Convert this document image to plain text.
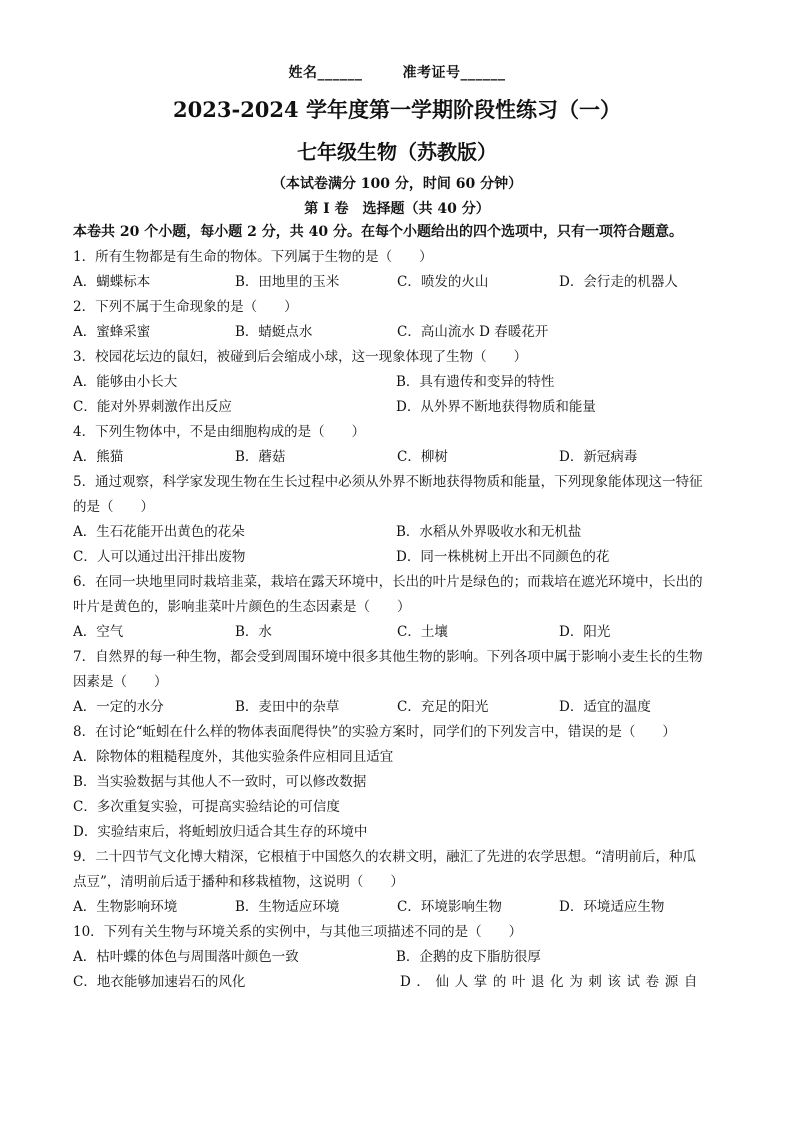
姓名______	准考证号______
2023-2024 学年度第一学期阶段性练习（一）
七年级生物（苏教版）
（本试卷满分 100 分，时间 60 分钟）
第 I 卷　选择题（共 40 分）
本卷共 20 个小题，每小题 2 分，共 40 分。在每个小题给出的四个选项中，只有一项符合题意。
1．所有生物都是有生命的物体。下列属于生物的是（　　）
A．蝴蝶标本	B．田地里的玉米	C．喷发的火山	D．会行走的机器人
2．下列不属于生命现象的是（　　）
A．蜜蜂采蜜	B．蜻蜓点水	C．高山流水 D 春暖花开
3．校园花坛边的鼠妇，被碰到后会缩成小球，这一现象体现了生物（　　）
A．能够由小长大	B．具有遗传和变异的特性
C．能对外界刺激作出反应	D．从外界不断地获得物质和能量
4．下列生物体中，不是由细胞构成的是（　　）
A．熊猫	B．蘑菇	C．柳树	D．新冠病毒
5．通过观察，科学家发现生物在生长过程中必须从外界不断地获得物质和能量，下列现象能体现这一特征
的是（　　）
A．生石花能开出黄色的花朵	B．水稻从外界吸收水和无机盐
C．人可以通过出汗排出废物	D．同一株桃树上开出不同颜色的花
6．在同一块地里同时栽培韭菜，栽培在露天环境中，长出的叶片是绿色的；而栽培在遮光环境中，长出的
叶片是黄色的，影响韭菜叶片颜色的生态因素是（　　）
A．空气	B．水	C．土壤	D．阳光
7．自然界的每一种生物，都会受到周围环境中很多其他生物的影响。下列各项中属于影响小麦生长的生物
因素是（　　）
A．一定的水分	B．麦田中的杂草	C．充足的阳光	D．适宜的温度
8．在讨论“蚯蚓在什么样的物体表面爬得快”的实验方案时，同学们的下列发言中，错误的是（　　）
A．除物体的粗糙程度外，其他实验条件应相同且适宜
B．当实验数据与其他人不一致时，可以修改数据
C．多次重复实验，可提高实验结论的可信度
D．实验结束后，将蚯蚓放归适合其生存的环境中
9．二十四节气文化博大精深，它根植于中国悠久的农耕文明，融汇了先进的农学思想。“清明前后，种瓜
点豆”，清明前后适于播种和移栽植物，这说明（　　）
A．生物影响环境	B．生物适应环境	C．环境影响生物	D．环境适应生物
10．下列有关生物与环境关系的实例中，与其他三项描述不同的是（　　）
A．枯叶蝶的体色与周围落叶颜色一致	B．企鹅的皮下脂肪很厚
C．地衣能够加速岩石的风化	D．仙人掌的叶退化为刺该试卷源自
